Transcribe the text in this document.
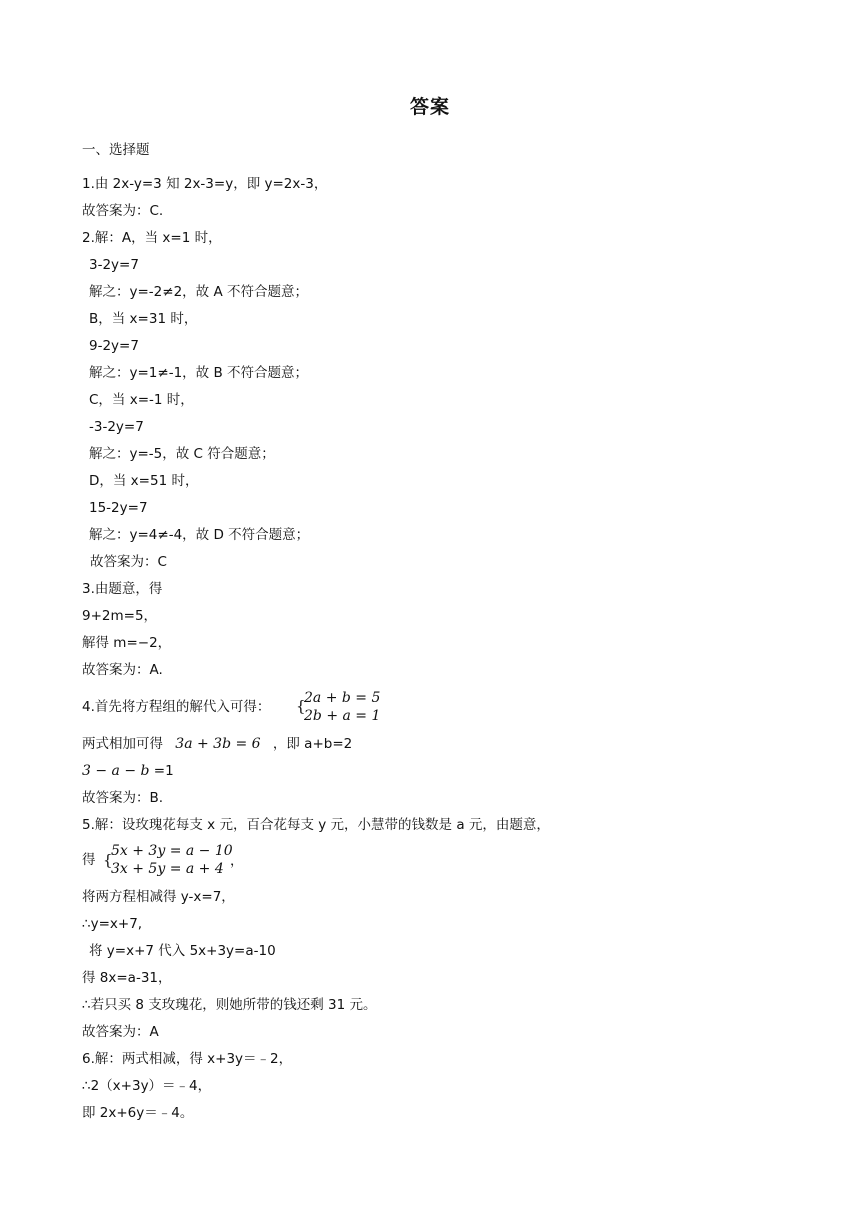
答案
一、选择题
1.由 2x-y=3 知 2x-3=y，即 y=2x-3，
故答案为：C.
2.解：A，当 x=1 时，
3-2y=7
解之：y=-2≠2，故 A 不符合题意；
B，当 x=31 时，
9-2y=7
解之：y=1≠-1，故 B 不符合题意；
C，当 x=-1 时，
-3-2y=7
解之：y=-5，故 C 符合题意；
D，当 x=51 时，
15-2y=7
解之：y=4≠-4，故 D 不符合题意；
故答案为：C
3.由题意，得
9+2m=5，
解得 m=−2，
故答案为：A.
4.首先将方程组的解代入可得： {
2a + b = 5
2b + a = 1
两式相加可得 3a + 3b = 6 ，即 a+b=2
3 − a − b =1
故答案为：B.
5.解：设玫瑰花每支 x 元，百合花每支 y 元，小慧带的钱数是 a 元，由题意，
得 {
5x + 3y = a − 10
3x + 5y = a + 4 ，
将两方程相减得 y-x=7，
∴y=x+7,
将 y=x+7 代入 5x+3y=a-10
得 8x=a-31，
∴若只买 8 支玫瑰花，则她所带的钱还剩 31 元。
故答案为：A
6.解：两式相减，得 x+3y＝﹣2，
∴2（x+3y）＝﹣4，
即 2x+6y＝﹣4。
